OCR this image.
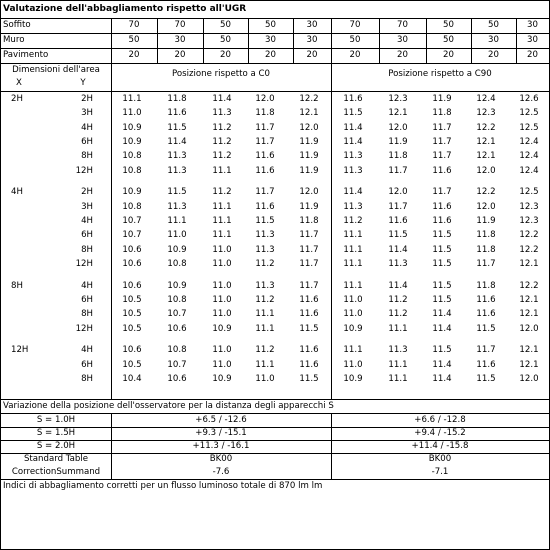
Valutazione dell'abbagliamento rispetto all'UGR
Soffito	70	70	50	50	30	70	70	50	50	30
Muro	50	30	50	30	30	50	30	50	30	30
Pavimento	20	20	20	20	20	20	20	20	20	20
Dimensioni dell'area
X	Y
Posizione rispetto a C0	Posizione rispetto a C90
2H	2H	11.1	11.8	11.4	12.0	12.2	11.6	12.3	11.9	12.4	12.6
3H	11.0	11.6	11.3	11.8	12.1	11.5	12.1	11.8	12.3	12.5
4H	10.9	11.5	11.2	11.7	12.0	11.4	12.0	11.7	12.2	12.5
6H	10.9	11.4	11.2	11.7	11.9	11.4	11.9	11.7	12.1	12.4
8H	10.8	11.3	11.2	11.6	11.9	11.3	11.8	11.7	12.1	12.4
12H	10.8	11.3	11.1	11.6	11.9	11.3	11.7	11.6	12.0	12.4
4H	2H	10.9	11.5	11.2	11.7	12.0	11.4	12.0	11.7	12.2	12.5
3H	10.8	11.3	11.1	11.6	11.9	11.3	11.7	11.6	12.0	12.3
4H	10.7	11.1	11.1	11.5	11.8	11.2	11.6	11.6	11.9	12.3
6H	10.7	11.0	11.1	11.3	11.7	11.1	11.5	11.5	11.8	12.2
8H	10.6	10.9	11.0	11.3	11.7	11.1	11.4	11.5	11.8	12.2
12H	10.6	10.8	11.0	11.2	11.7	11.1	11.3	11.5	11.7	12.1
8H	4H	10.6	10.9	11.0	11.3	11.7	11.1	11.4	11.5	11.8	12.2
6H	10.5	10.8	11.0	11.2	11.6	11.0	11.2	11.5	11.6	12.1
8H	10.5	10.7	11.0	11.1	11.6	11.0	11.2	11.4	11.6	12.1
12H	10.5	10.6	10.9	11.1	11.5	10.9	11.1	11.4	11.5	12.0
12H	4H	10.6	10.8	11.0	11.2	11.6	11.1	11.3	11.5	11.7	12.1
6H	10.5	10.7	11.0	11.1	11.6	11.0	11.1	11.4	11.6	12.1
8H	10.4	10.6	10.9	11.0	11.5	10.9	11.1	11.4	11.5	12.0
Variazione della posizione dell'osservatore per la distanza degli apparecchi S
S = 1.0H	+6.5 / -12.6	+6.6 / -12.8
S = 1.5H	+9.3 / -15.1	+9.4 / -15.2
S = 2.0H	+11.3 / -16.1	+11.4 / -15.8
Standard Table	BK00	BK00
CorrectionSummand	-7.6	-7.1
Indici di abbagliamento corretti per un flusso luminoso totale di 870 lm lm
